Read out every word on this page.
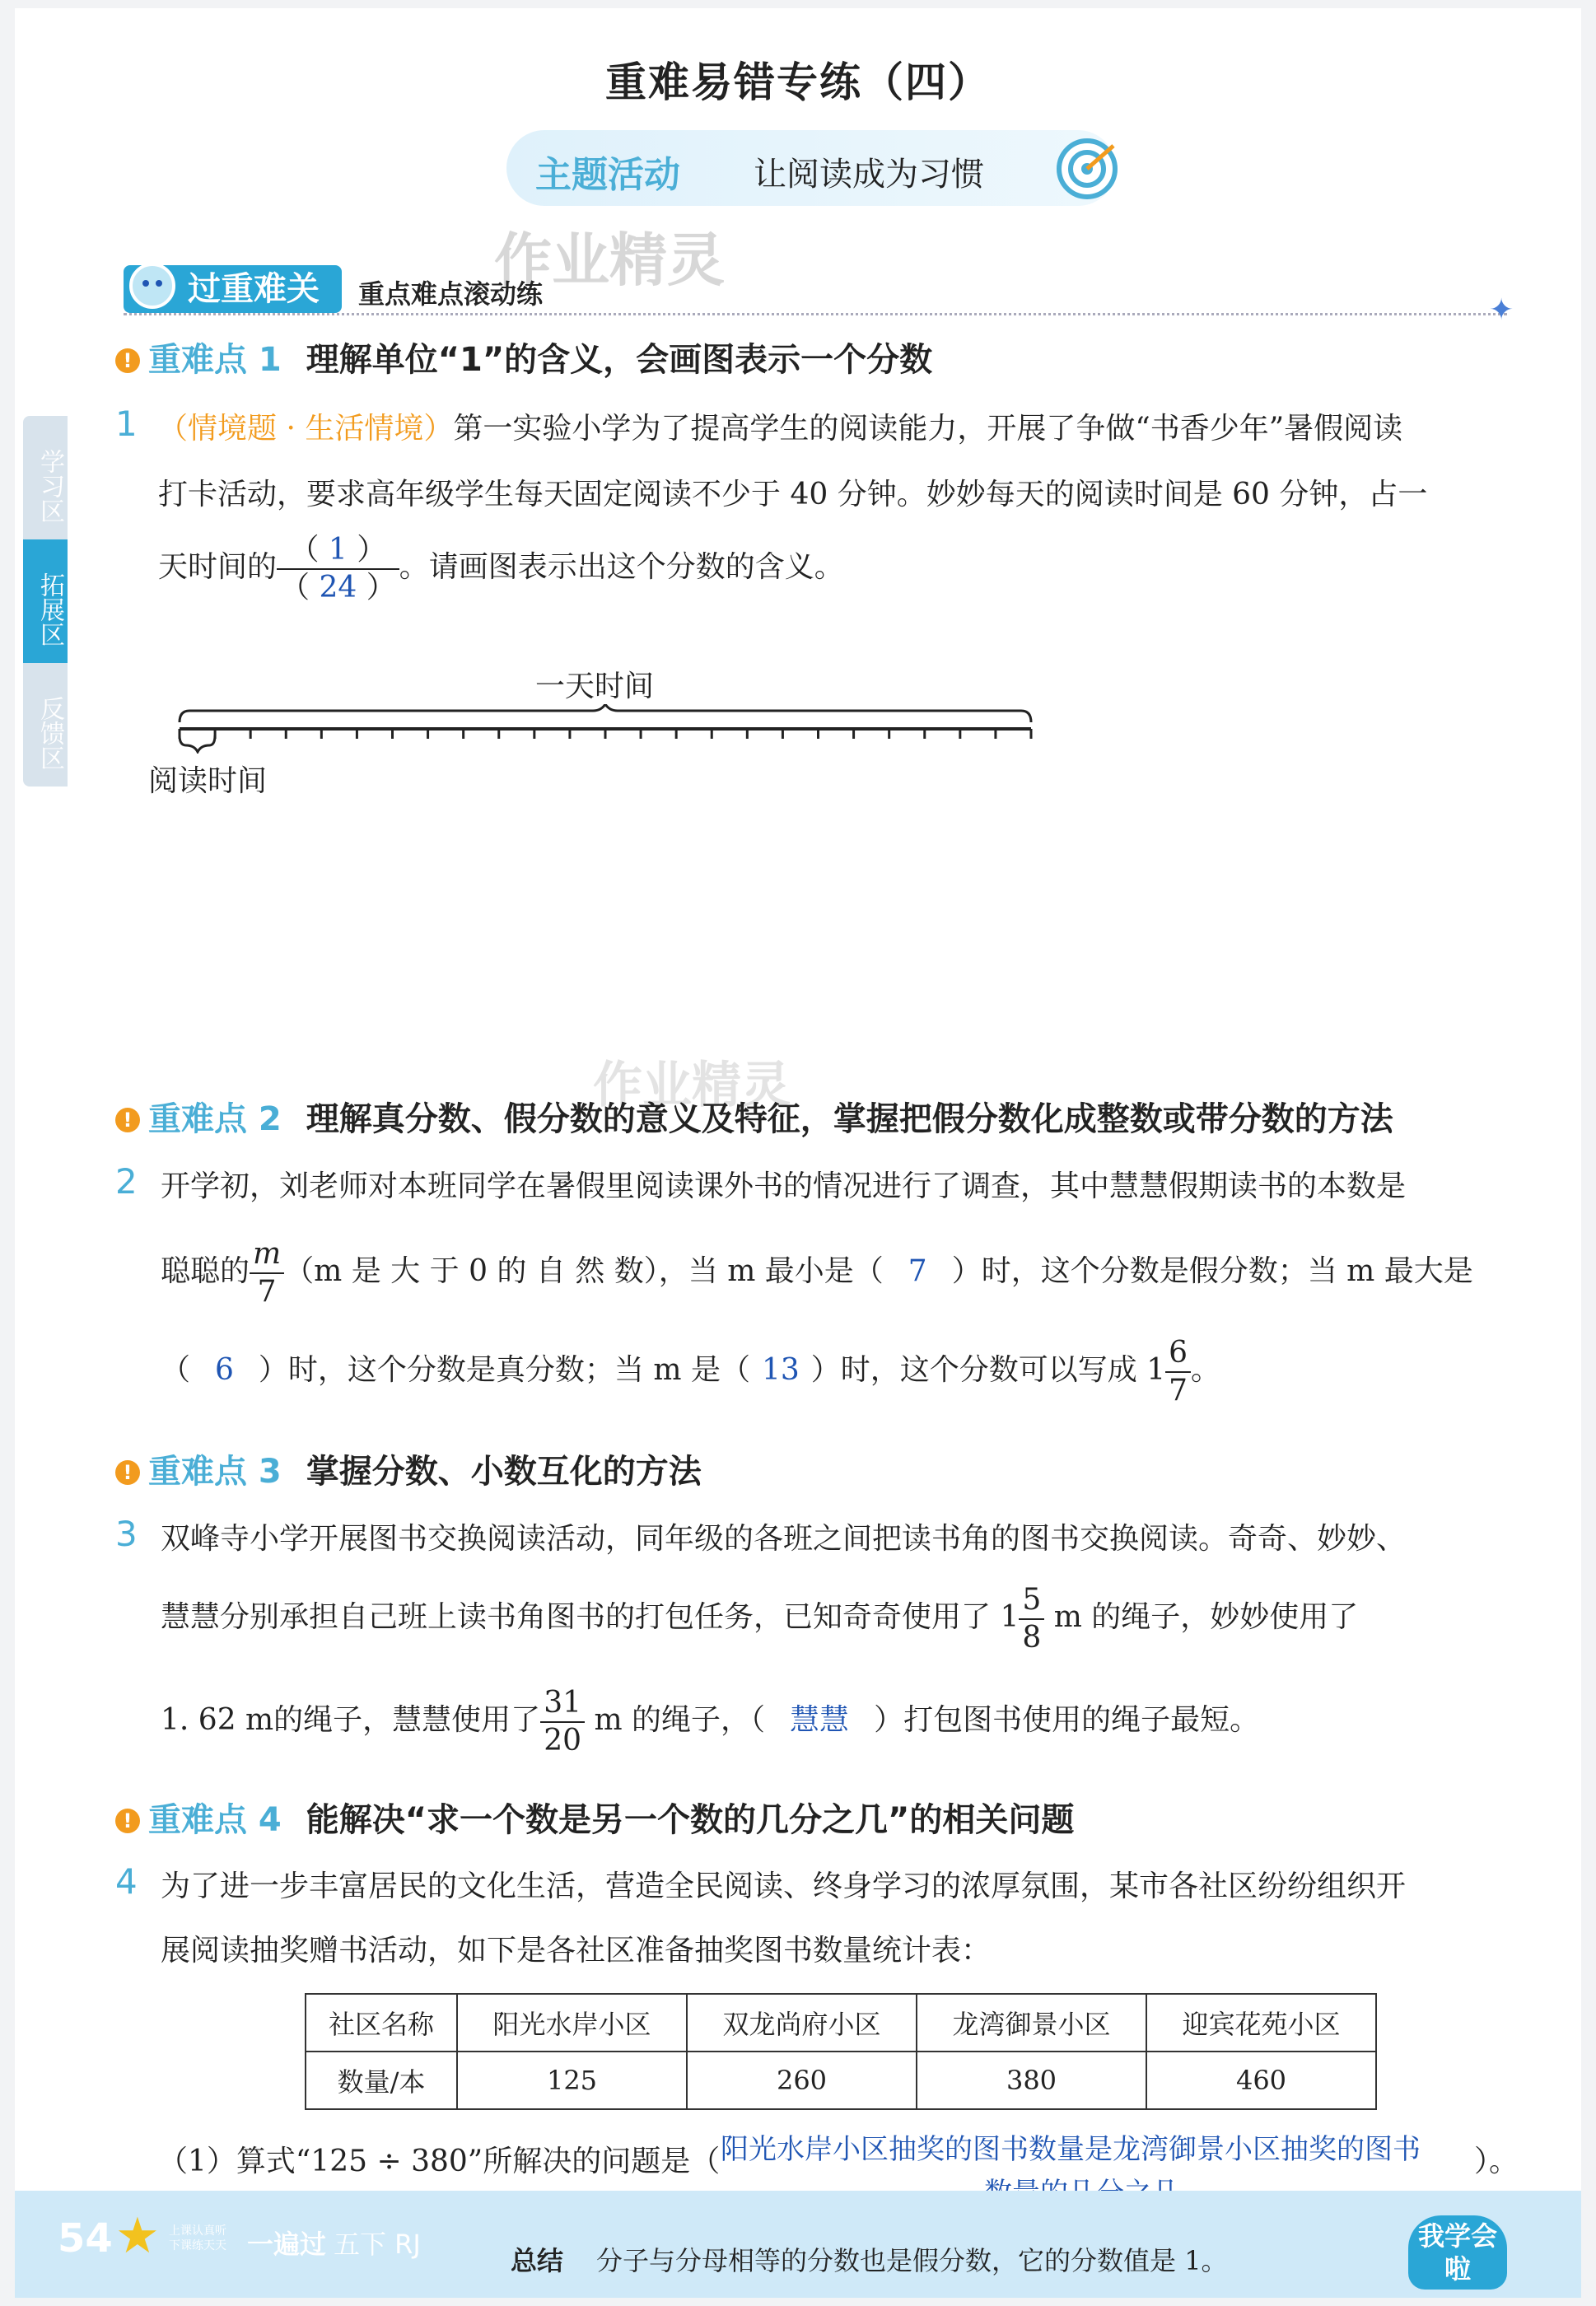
学习区
拓展区
反馈区
重难易错专练（四）
主题活动 让阅读成为习惯
作业精灵
作业精灵
过重难关	重点难点滚动练	✦
! 重难点 1 理解单位“1”的含义，会画图表示一个分数
1 （情境题 · 生活情境）第一实验小学为了提高学生的阅读能力，开展了争做“书香少年”暑假阅读
打卡活动，要求高年级学生每天固定阅读不少于 40 分钟。妙妙每天的阅读时间是 60 分钟，占一
天时间的 $\frac{( 1 )}{( 24 )}$ 。请画图表示出这个分数的含义。
一天时间
阅读时间
! 重难点 2 理解真分数、假分数的意义及特征，掌握把假分数化成整数或带分数的方法
2 开学初，刘老师对本班同学在暑假里阅读课外书的情况进行了调查，其中慧慧假期读书的本数是
聪聪的 $\frac{m}{7} (m$ 是 大 于 0 的 自 然 数），当 m 最小是（ 7 ）时，这个分数是假分数；当 m 最大是
（ 6 ）时，这个分数是真分数；当 m 是（ 13 ）时，这个分数可以写成 $1 \frac{6}{7}$ 。
! 重难点 3 掌握分数、小数互化的方法
3 双峰寺小学开展图书交换阅读活动，同年级的各班之间把读书角的图书交换阅读。奇奇、妙妙、
慧慧分别承担自己班上读书角图书的打包任务，已知奇奇使用了 $1 \frac{5}{8}$ m 的绳子，妙妙使用了
1. 62 m的绳子，慧慧使用了 $\frac{31}{20}$ m 的绳子，（ 慧慧 ）打包图书使用的绳子最短。
! 重难点 4 能解决“求一个数是另一个数的几分之几”的相关问题
4 为了进一步丰富居民的文化生活，营造全民阅读、终身学习的浓厚氛围，某市各社区纷纷组织开
展阅读抽奖赠书活动，如下是各社区准备抽奖图书数量统计表：
社区名称	阳光水岸小区	双龙尚府小区	龙湾御景小区	迎宾花苑小区
数量/本	125	260	380	460
（1）算式“125 ÷ 380”所解决的问题是（ 阳光水岸小区抽奖的图书数量是龙湾御景小区抽奖的图书 ）。
54 ★ 上课认真听
下课练天天 一遍过 五下 RJ
总结 分子与分母相等的分数也是假分数，它的分数值是 1。
我学会啦
